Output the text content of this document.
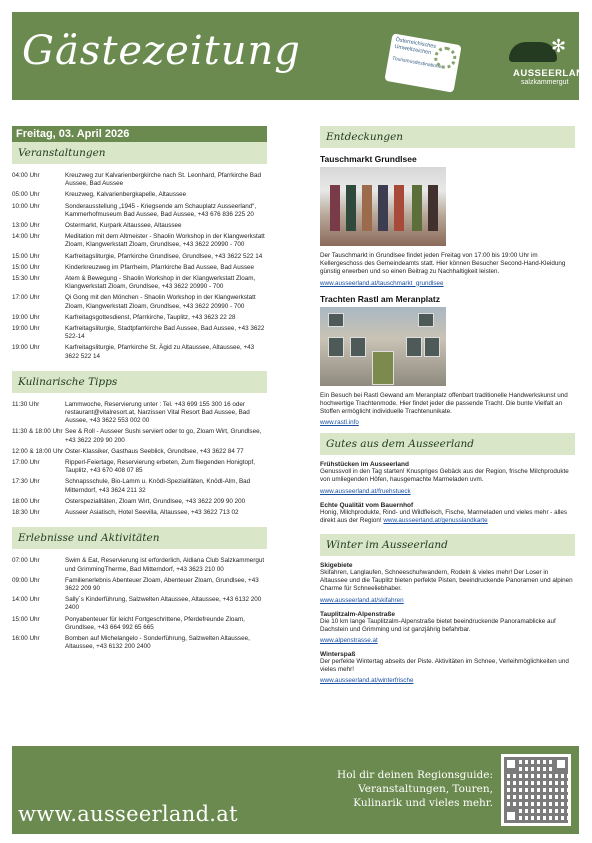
Gästezeitung	Österreichisches Umweltzeichen
Tourismusdestinationen
✻
AUSSEERLAND
salzkammergut
Freitag, 03. April 2026
Veranstaltungen
04:00 Uhr	Kreuzweg zur Kalvarienbergkirche nach St. Leonhard, Pfarrkirche Bad Aussee, Bad Aussee
05:00 Uhr	Kreuzweg, Kalvarienbergkapelle, Altaussee
10:00 Uhr	Sonderausstellung „1945 - Kriegsende am Schauplatz Ausseerland“, Kammerhofmuseum Bad Aussee, Bad Aussee, +43 676 836 225 20
13:00 Uhr	Ostermarkt, Kurpark Altaussee, Altaussee
14:00 Uhr	Meditation mit dem Altmeister - Shaolin Workshop in der Klangwerkstatt Zloam, Klangwerkstatt Zloam, Grundlsee, +43 3622 20990 - 700
15:00 Uhr	Karfreitagsliturgie, Pfarrkirche Grundlsee, Grundlsee, +43 3622 522 14
15:00 Uhr	Kinderkreuzweg im Pfarrheim, Pfarrkirche Bad Aussee, Bad Aussee
15:30 Uhr	Atem & Bewegung - Shaolin Workshop in der Klangwerkstatt Zloam, Klangwerkstatt Zloam, Grundlsee, +43 3622 20990 - 700
17:00 Uhr	Qi Gong mit den Mönchen - Shaolin Workshop in der Klangwerkstatt Zloam, Klangwerkstatt Zloam, Grundlsee, +43 3622 20990 - 700
19:00 Uhr	Karfreitagsgottesdienst, Pfarrkirche, Tauplitz, +43 3623 22 28
19:00 Uhr	Karfreitagsliturgie, Stadtpfarrkirche Bad Aussee, Bad Aussee, +43 3622 522-14
19:00 Uhr	Karfreitagsliturgie, Pfarrkirche St. Ägid zu Altaussee, Altaussee, +43 3622 522 14
Kulinarische Tipps
11:30 Uhr	Lammwoche, Reservierung unter : Tel. +43 699 155 300 16 oder restaurant@vitalresort.at, Narzissen Vital Resort Bad Aussee, Bad Aussee, +43 3622 553 002 00
11:30 & 18:00 Uhr See & Roll - Ausseer Sushi serviert oder to go, Zloam Wirt, Grundlsee, +43 3622 209 90 200
12:00 & 18:00 Uhr Oster-Klassiker, Gasthaus Seeblick, Grundlsee, +43 3622 84 77
17:00 Uhr	Ripperl-Feiertage, Reservierung erbeten, Zum fliegenden Honigtopf, Tauplitz, +43 670 408 07 85
17:30 Uhr	Schnapsschule, Bio-Lamm u. Knödl-Spezialitäten, Knödl-Alm, Bad Mitterndorf, +43 3624 211 32
18:00 Uhr	Osterspezialitäten, Zloam Wirt, Grundlsee, +43 3622 209 90 200
18:30 Uhr	Ausseer Asiatisch, Hotel Seevilla, Altaussee, +43 3622 713 02
Erlebnisse und Aktivitäten
07:00 Uhr	Swim & Eat, Reservierung ist erforderlich, Aldiana Club Salzkammergut und GrimmingTherme, Bad Mitterndorf, +43 3623 210 00
09:00 Uhr	Familienerlebnis Abenteuer Zloam, Abenteuer Zloam, Grundlsee, +43 3622 209 90
14:00 Uhr	Sally´s Kinderführung, Salzwelten Altaussee, Altaussee, +43 6132 200 2400
15:00 Uhr	Ponyabenteuer für leicht Fortgeschrittene, Pferdefreunde Zloam, Grundlsee, +43 664 992 65 665
16:00 Uhr	Bomben auf Michelangelo - Sonderführung, Salzwelten Altaussee, Altaussee, +43 6132 200 2400
Entdeckungen
Tauschmarkt Grundlsee
Der Tauschmarkt in Grundlsee findet jeden Freitag von 17:00 bis 19:00 Uhr im Kellergeschoss des Gemeindeamts statt. Hier können Besucher Second-Hand-Kleidung günstig erwerben und so einen Beitrag zu Nachhaltigkeit leisten.
www.ausseerland.at/tauschmarkt_grundlsee
Trachten Rastl am Meranplatz
Ein Besuch bei Rastl Gewand am Meranplatz offenbart traditionelle Handwerkskunst und hochwertige Trachtenmode. Hier findet jeder die passende Tracht. Die bunte Vielfalt an Stoffen ermöglicht individuelle Trachtenunikate.
www.rastl.info
Gutes aus dem Ausseerland
Frühstücken im Ausseerland
Genussvoll in den Tag starten! Knuspriges Gebäck aus der Region, frische Milchprodukte von umliegenden Höfen, hausgemachte Marmeladen uvm.
www.ausseerland.at/fruehstueck
Echte Qualität vom Bauernhof
Honig, Milchprodukte, Rind- und Wildfleisch, Fische, Marmeladen und vieles mehr - alles direkt aus der Region! www.ausseerland.at/genusslandkarte
Winter im Ausseerland
Skigebiete
Skifahren, Langlaufen, Schneeschuhwandern, Rodeln & vieles mehr! Der Loser in Altaussee und die Tauplitz bieten perfekte Pisten, beeindruckende Panoramen und alpinen Charme für Schneeliebhaber.
www.ausseerland.at/skifahren
Tauplitzalm-Alpenstraße
Die 10 km lange Tauplitzalm-Alpenstraße bietet beeindruckende Panoramablicke auf Dachstein und Grimming und ist ganzjährig befahrbar.
www.alpenstrasse.at
Winterspaß
Der perfekte Wintertag abseits der Piste. Aktivitäten im Schnee, Verleihmöglichkeiten und vieles mehr!
www.ausseerland.at/winterfrische
www.ausseerland.at
Hol dir deinen Regionsguide:
Veranstaltungen, Touren,
Kulinarik und vieles mehr.
